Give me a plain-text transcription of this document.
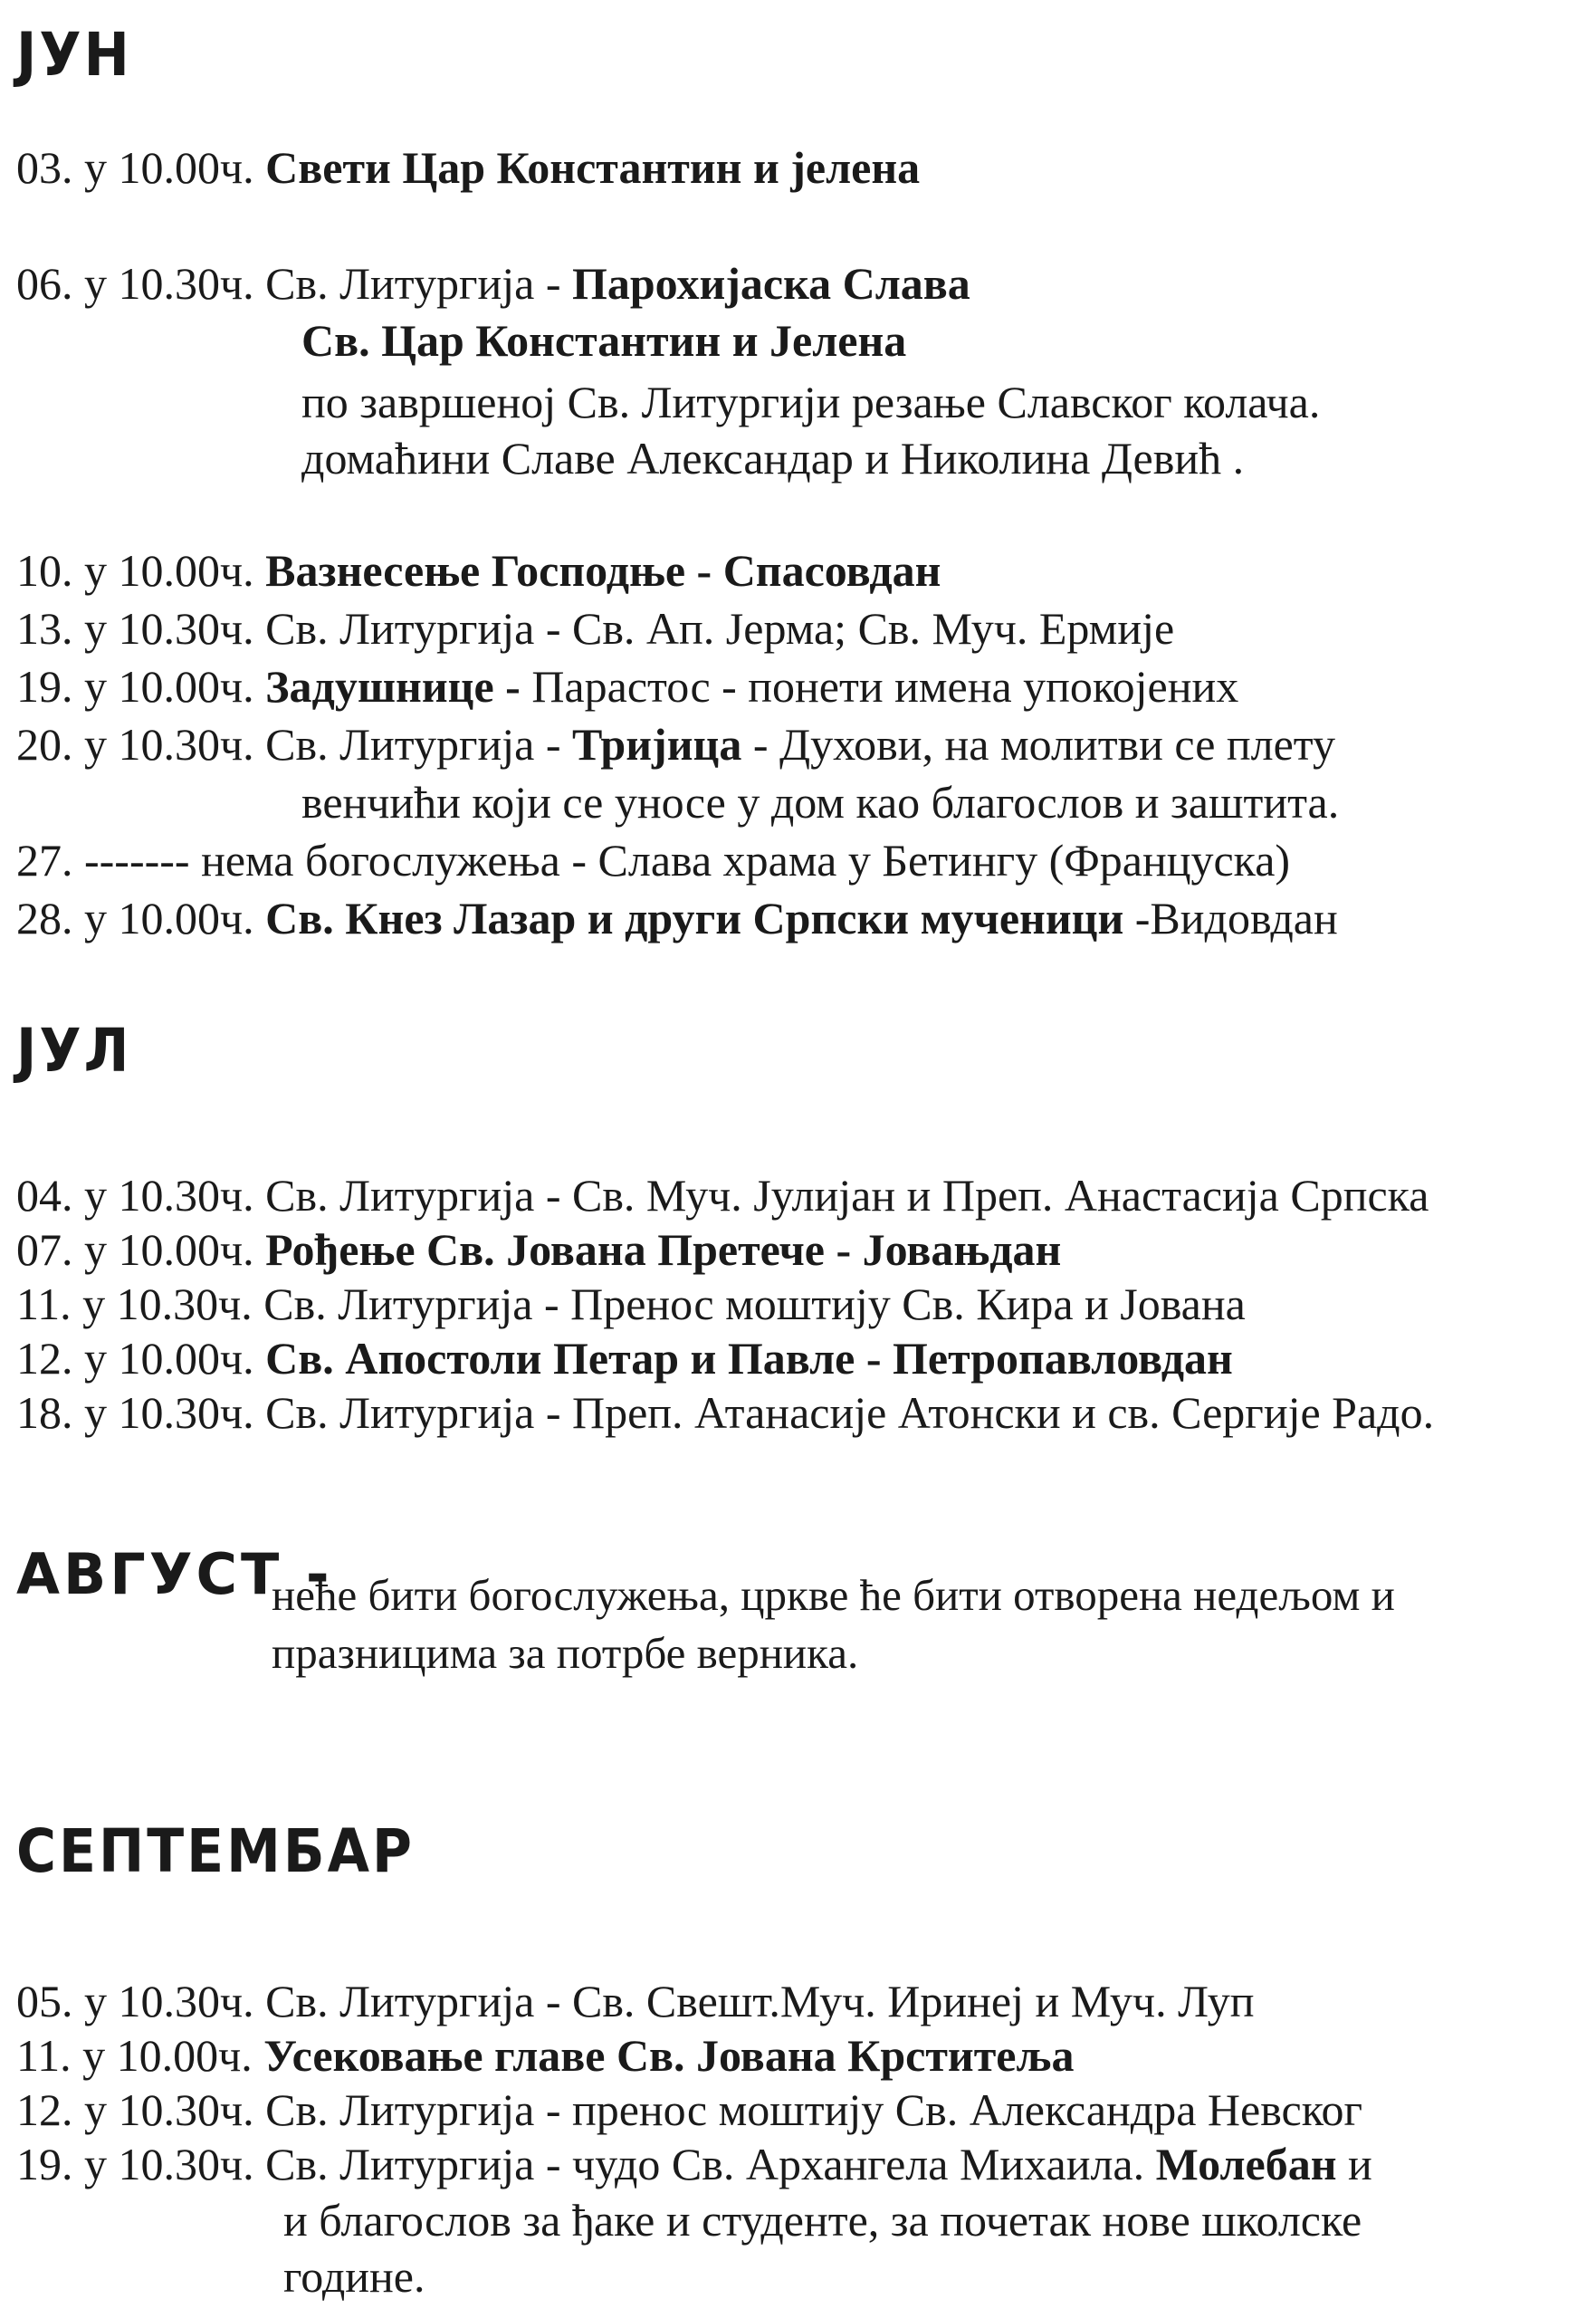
ЈУН
03. у 10.00ч. Свети Цар Константин и јелена
06. у 10.30ч. Св. Литургија - Парохијаска Слава
Св. Цар Константин и Јелена
по завршеној Св. Литургији резање Славског колача.
домаћини Славе Александар и Николина Девић .
10. у 10.00ч. Вазнесење Господње - Спасовдан
13. у 10.30ч. Св. Литургија - Св. Ап. Јерма; Св. Муч. Ермије
19. у 10.00ч. Задушнице - Парастос - понети имена упокојених
20. у 10.30ч. Св. Литургија - Тријица - Духови, на молитви се плету
венчићи који се уносе у дом као благослов и заштита.
27. ------- нема богослужења - Слава храма у Бетингу (Француска)
28. у 10.00ч. Св. Кнез Лазар и други Српски мученици -Видовдан
ЈУЛ
04. у 10.30ч. Св. Литургија - Св. Муч. Јулијан и Преп. Анастасија Српска
07. у 10.00ч. Рођење Св. Јована Претече - Јовањдан
11. у 10.30ч. Св. Литургија - Пренос моштију Св. Кира и Јована
12. у 10.00ч. Св. Апостоли Петар и Павле - Петропавловдан
18. у 10.30ч. Св. Литургија - Преп. Атанасије Атонски и св. Сергије Радо.
АВГУСТ -
неће бити богослужења, цркве ће бити отворена недељом и
празницима за потрбе верника.
СЕПТЕМБАР
05. у 10.30ч. Св. Литургија - Св. Свешт.Муч. Иринеј и Муч. Луп
11. у 10.00ч. Усековање главе Св. Јована Крститеља
12. у 10.30ч. Св. Литургија - пренос моштију Св. Александра Невског
19. у 10.30ч. Св. Литургија - чудо Св. Архангела Михаила. Молебан и
и благослов за ђаке и студенте, за почетак нове школске
године.
